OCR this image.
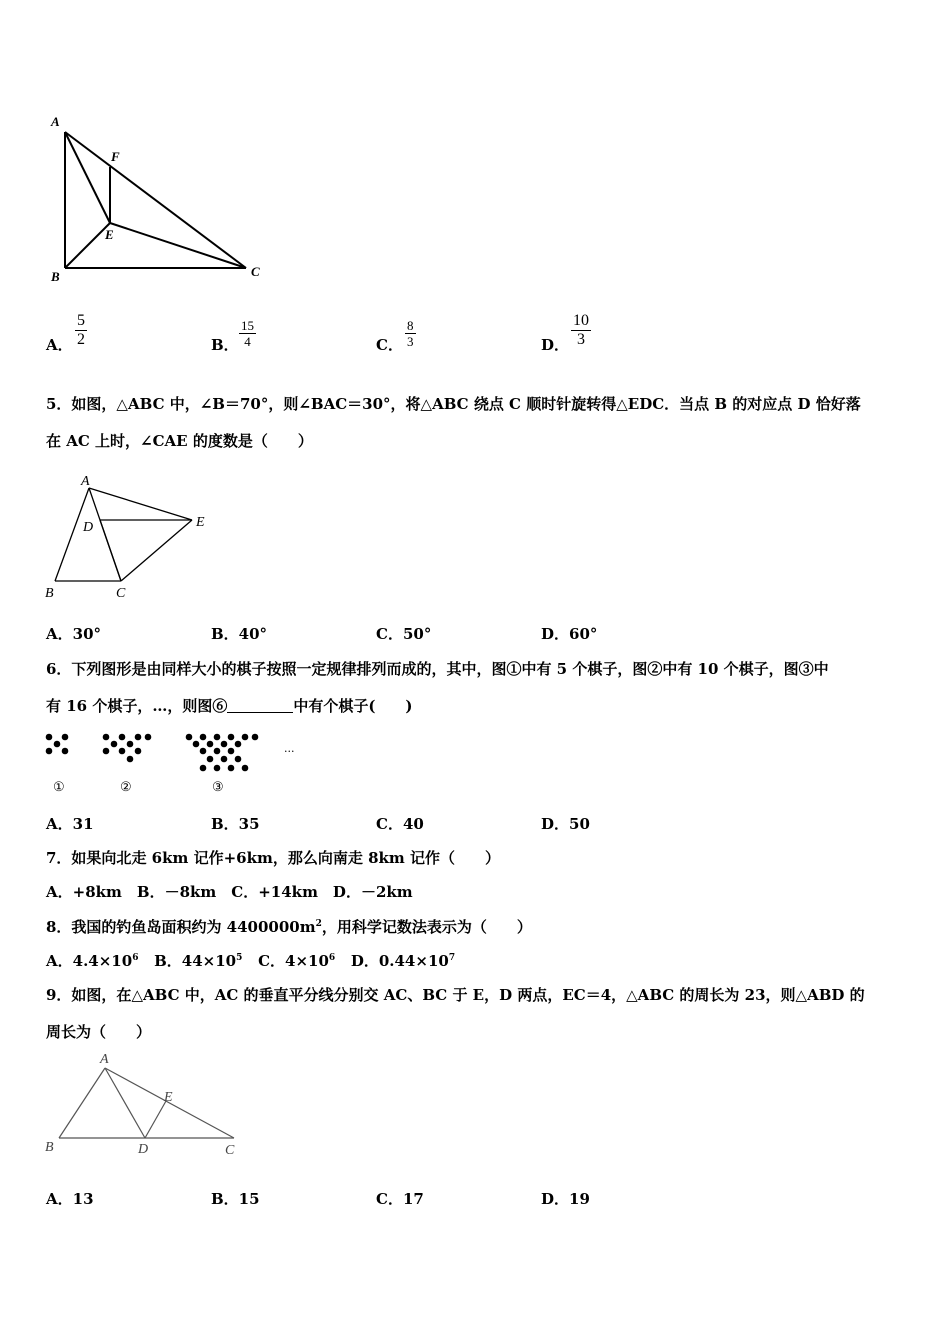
A
F
E
B	C
A． $\frac{5}{2}$	B． $\frac{15}{4}$	C． $\frac{8}{3}$	D． $\frac{10}{3}$
5．如图，△ABC 中，∠B＝70°，则∠BAC＝30°，将△ABC 绕点 C 顺时针旋转得△EDC．当点 B 的对应点 D 恰好落
在 AC 上时，∠CAE 的度数是（　　）
A
D	E
B	C
A．30°	B．40°	C．50°	D．60°
6．下列图形是由同样大小的棋子按照一定规律排列而成的，其中，图①中有 5 个棋子，图②中有 10 个棋子，图③中
有 16 个棋子，…，则图⑥	中有个棋子(　　)
...
①	②	③
A．31	B．35	C．40	D．50
7．如果向北走 6km 记作+6km，那么向南走 8km 记作（　　）
A．+8km　B．－8km　C．+14km　D．－2km
8．我国的钓鱼岛面积约为 $4400000m^2$，用科学记数法表示为（　　）
A．$4.4\times 10^6$ B．$44\times 10^5$ C．$4\times 10^6$ D．$0.44\times 10^7$
9．如图，在△ABC 中，AC 的垂直平分线分别交 AC、BC 于 E，D 两点，EC＝4，△ABC 的周长为 23，则△ABD 的
周长为（　　）
A
E
B	D	C
A．13	B．15	C．17	D．19
